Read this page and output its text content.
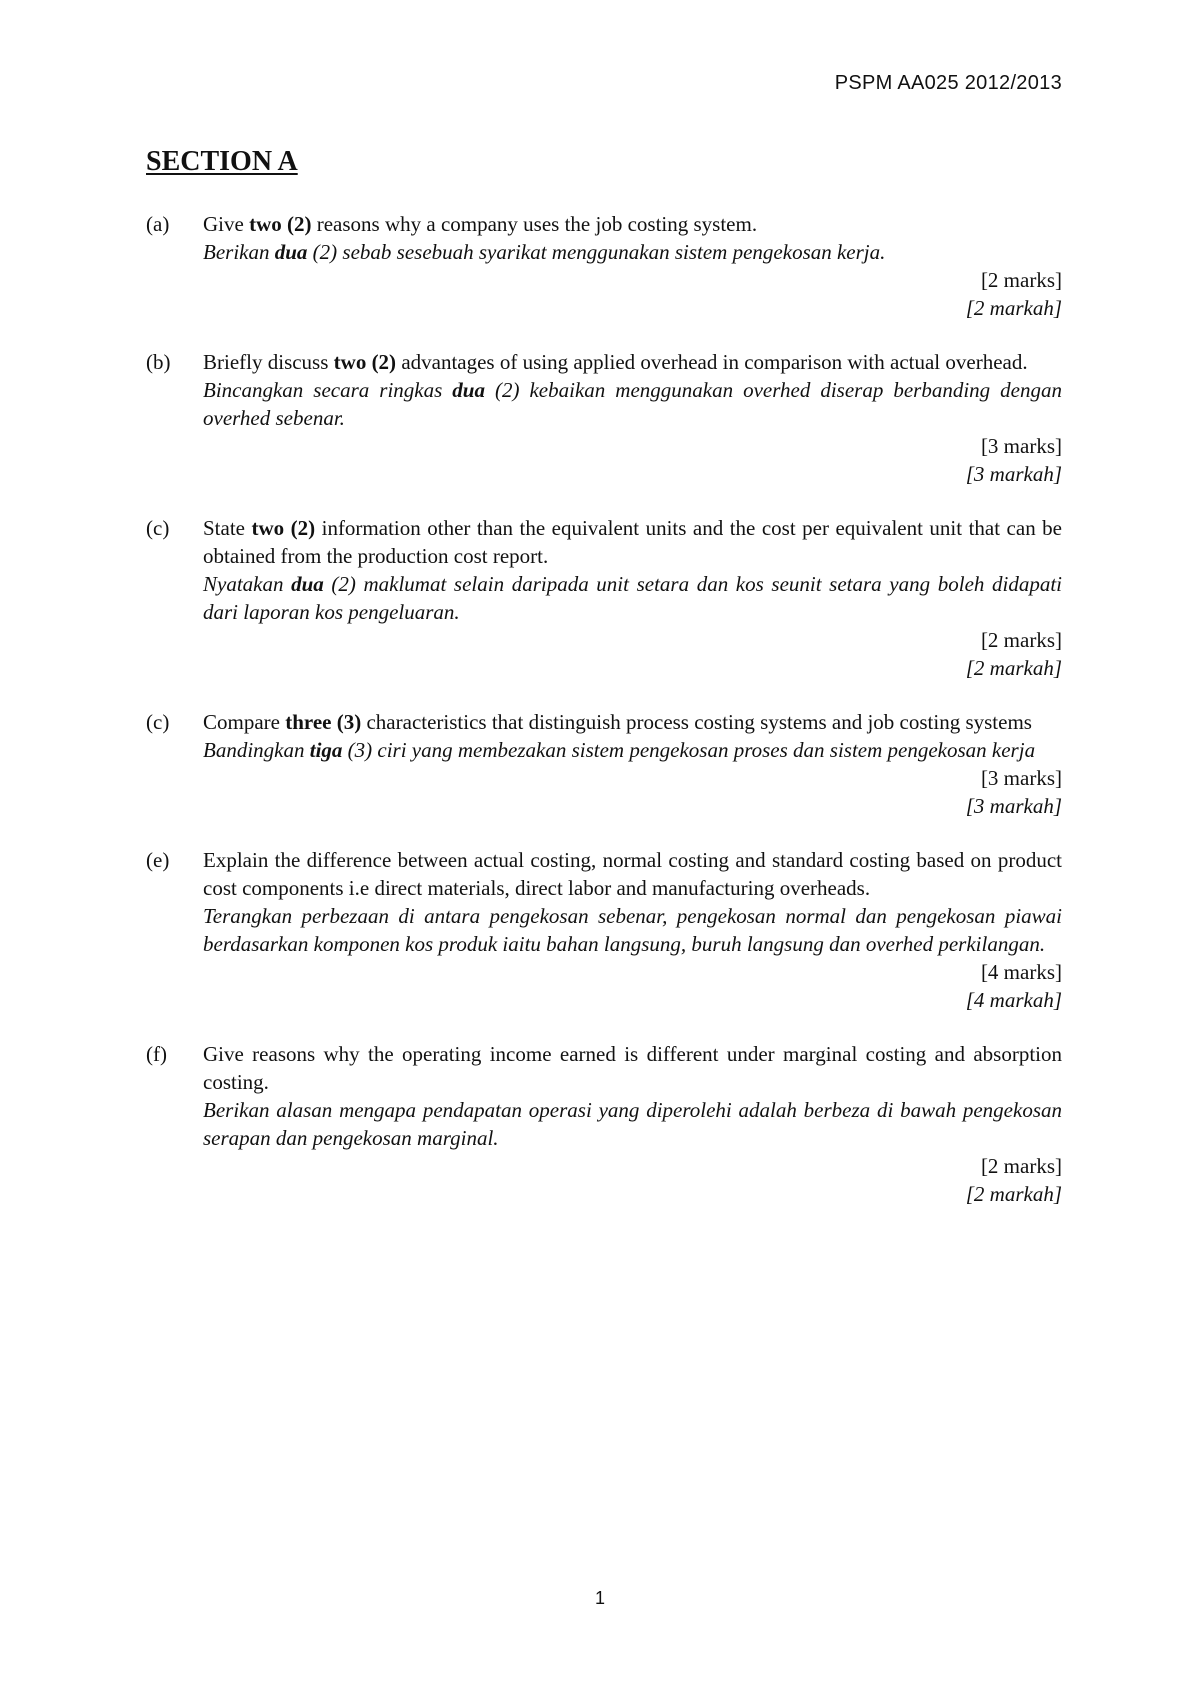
PSPM AA025 2012/2013
SECTION A
(a) Give two (2) reasons why a company uses the job costing system.
Berikan dua (2) sebab sesebuah syarikat menggunakan sistem pengekosan kerja.
[2 marks]
[2 markah]
(b) Briefly discuss two (2) advantages of using applied overhead in comparison with actual overhead.
Bincangkan secara ringkas dua (2) kebaikan menggunakan overhed diserap berbanding dengan overhed sebenar.
[3 marks]
[3 markah]
(c) State two (2) information other than the equivalent units and the cost per equivalent unit that can be obtained from the production cost report.
Nyatakan dua (2) maklumat selain daripada unit setara dan kos seunit setara yang boleh didapati dari laporan kos pengeluaran.
[2 marks]
[2 markah]
(c) Compare three (3) characteristics that distinguish process costing systems and job costing systems
Bandingkan tiga (3) ciri yang membezakan sistem pengekosan proses dan sistem pengekosan kerja
[3 marks]
[3 markah]
(e) Explain the difference between actual costing, normal costing and standard costing based on product cost components i.e direct materials, direct labor and manufacturing overheads.
Terangkan perbezaan di antara pengekosan sebenar, pengekosan normal dan pengekosan piawai berdasarkan komponen kos produk iaitu bahan langsung, buruh langsung dan overhed perkilangan.
[4 marks]
[4 markah]
(f) Give reasons why the operating income earned is different under marginal costing and absorption costing.
Berikan alasan mengapa pendapatan operasi yang diperolehi adalah berbeza di bawah pengekosan serapan dan pengekosan marginal.
[2 marks]
[2 markah]
1
